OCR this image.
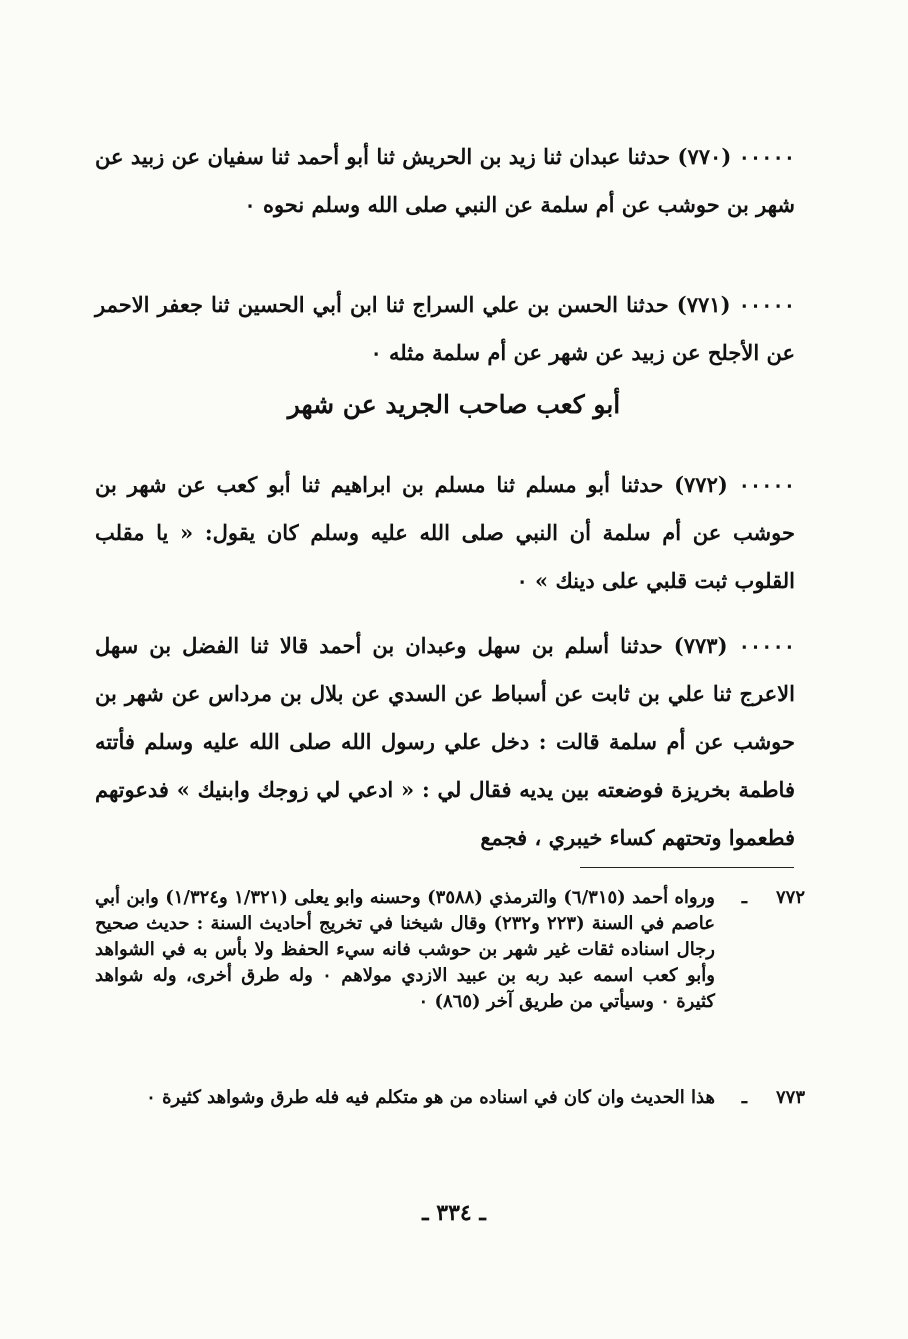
٠٠٠٠٠ (٧٧٠) حدثنا عبدان ثنا زيد بن الحريش ثنا أبو أحمد ثنا سفيان عن زبيد عن شهر بن حوشب عن أم سلمة عن النبي صلى الله وسلم نحوه ٠

٠٠٠٠٠ (٧٧١) حدثنا الحسن بن علي السراج ثنا ابن أبي الحسين ثنا جعفر الاحمر عن الأجلح عن زبيد عن شهر عن أم سلمة مثله ٠

أبو كعب صاحب الجريد عن شهر

٠٠٠٠٠ (٧٧٢) حدثنا أبو مسلم ثنا مسلم بن ابراهيم ثنا أبو كعب عن شهر بن حوشب عن أم سلمة أن النبي صلى الله عليه وسلم كان يقول: « يا مقلب القلوب ثبت قلبي على دينك » ٠

٠٠٠٠٠ (٧٧٣) حدثنا أسلم بن سهل وعبدان بن أحمد قالا ثنا الفضل بن سهل الاعرج ثنا علي بن ثابت عن أسباط عن السدي عن بلال بن مرداس عن شهر بن حوشب عن أم سلمة قالت : دخل علي رسول الله صلى الله عليه وسلم فأتته فاطمة بخريزة فوضعته بين يديه فقال لي : « ادعي لي زوجك وابنيك » فدعوتهم فطعموا وتحتهم كساء خيبري ، فجمع

٧٧٢
ـ
ورواه أحمد (٦/٣١٥) والترمذي (٣٥٨٨) وحسنه وابو يعلى (١/٣٢١ و١/٣٢٤) وابن أبي عاصم في السنة (٢٢٣ و٢٣٢) وقال شيخنا في تخريج أحاديث السنة : حديث صحيح رجال اسناده ثقات غير شهر بن حوشب فانه سيء الحفظ ولا بأس به في الشواهد وأبو كعب اسمه عبد ربه بن عبيد الازدي مولاهم ٠ وله طرق أخرى، وله شواهد كثيرة ٠ وسيأتي من طريق آخر (٨٦٥) ٠
٧٧٣
ـ
هذا الحديث وان كان في اسناده من هو متكلم فيه فله طرق وشواهد كثيرة ٠
ـ ٣٣٤ ـ
